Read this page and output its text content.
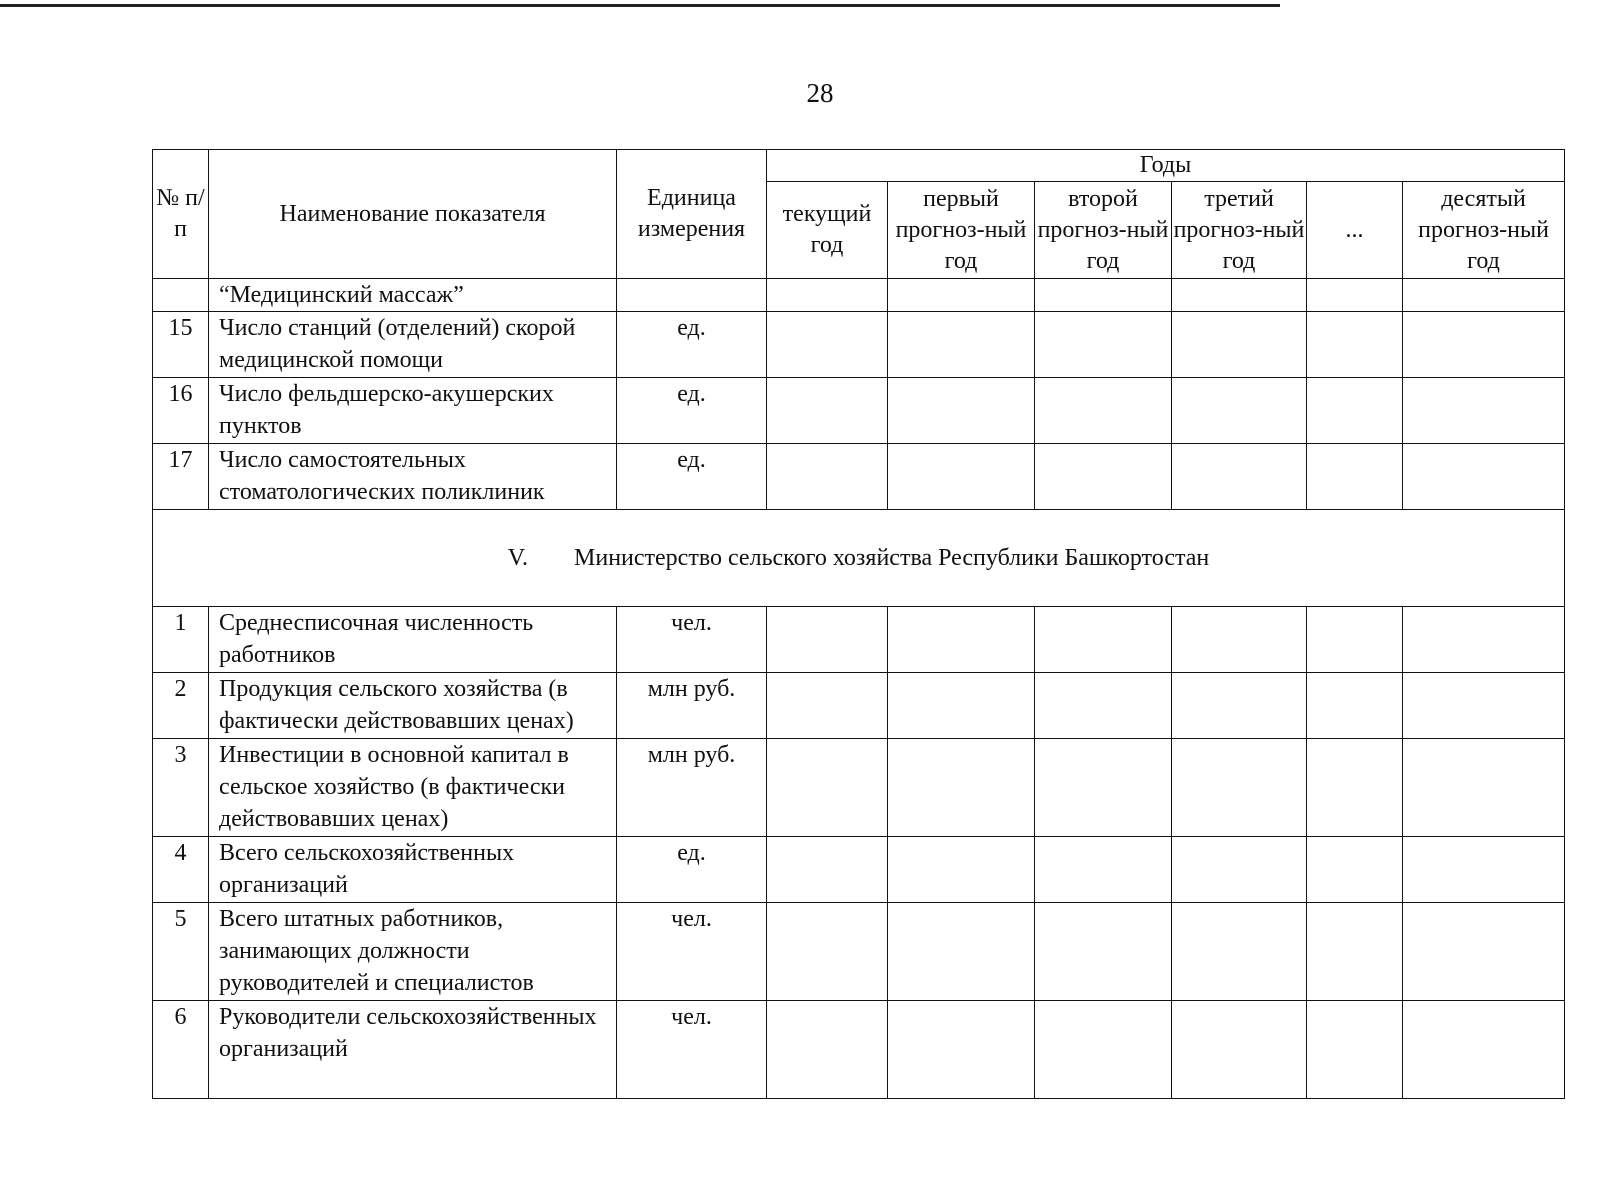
28
№ п/п	Наименование показателя	Единица измерения	Годы					
			текущий год	первый прогноз-ный год	второй прогноз-ный год	третий прогноз-ный год	...	десятый прогноз-ный год
	“Медицинский массаж”							
15	Число станций (отделений) скорой медицинской помощи	ед.						
16	Число фельдшерско-акушерских пунктов	ед.						
17	Число самостоятельных стоматологических поликлиник	ед.						
V. Министерство сельского хозяйства Республики Башкортостан								
1	Среднесписочная численность работников	чел.						
2	Продукция сельского хозяйства (в фактически действовавших ценах)	млн руб.						
3	Инвестиции в основной капитал в сельское хозяйство (в фактически действовавших ценах)	млн руб.						
4	Всего сельскохозяйственных организаций	ед.						
5	Всего штатных работников, занимающих должности руководителей и специалистов	чел.						
6	Руководители сельскохозяйственных организаций	чел.						
